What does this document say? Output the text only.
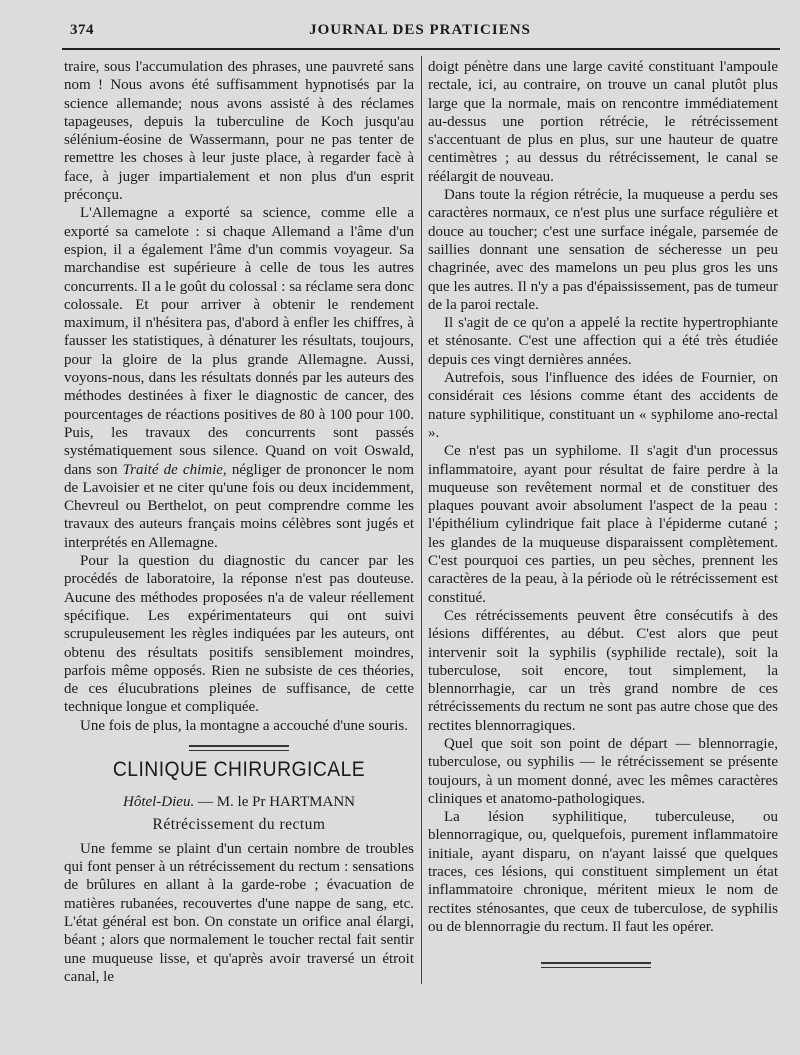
374	JOURNAL DES PRATICIENS

traire, sous l'accumulation des phrases, une pauvreté sans nom ! Nous avons été suffisamment hypnotisés par la science allemande; nous avons assisté à des réclames tapageuses, depuis la tuberculine de Koch jusqu'au sélénium-éosine de Wassermann, pour ne pas tenter de remettre les choses à leur juste place, à regarder facè à face, à juger impartialement et non plus d'un esprit préconçu.

L'Allemagne a exporté sa science, comme elle a exporté sa camelote : si chaque Allemand a l'âme d'un espion, il a également l'âme d'un commis voyageur. Sa marchandise est supérieure à celle de tous les autres concurrents. Il a le goût du colossal : sa réclame sera donc colossale. Et pour arriver à obtenir le rendement maximum, il n'hésitera pas, d'abord à enfler les chiffres, à fausser les statistiques, à dénaturer les résultats, toujours, pour la gloire de la plus grande Allemagne. Aussi, voyons-nous, dans les résultats donnés par les auteurs des méthodes destinées à fixer le diagnostic de cancer, des pourcentages de réactions positives de 80 à 100 pour 100. Puis, les travaux des concurrents sont passés systématiquement sous silence. Quand on voit Oswald, dans son Traité de chimie, négliger de prononcer le nom de Lavoisier et ne citer qu'une fois ou deux incidemment, Chevreul ou Berthelot, on peut comprendre comme les travaux des auteurs français moins célèbres sont jugés et interprétés en Allemagne.

Pour la question du diagnostic du cancer par les procédés de laboratoire, la réponse n'est pas douteuse. Aucune des méthodes proposées n'a de valeur réellement spécifique. Les expérimentateurs qui ont suivi scrupuleusement les règles indiquées par les auteurs, ont obtenu des résultats positifs sensiblement moindres, parfois même opposés. Rien ne subsiste de ces théories, de ces élucubrations pleines de suffisance, de cette technique longue et compliquée.

Une fois de plus, la montagne a accouché d'une souris.

CLINIQUE CHIRURGICALE
Hôtel-Dieu. — M. le Pr HARTMANN
Rétrécissement du rectum

Une femme se plaint d'un certain nombre de troubles qui font penser à un rétrécissement du rectum : sensations de brûlures en allant à la garde-robe ; évacuation de matières rubanées, recouvertes d'une nappe de sang, etc. L'état général est bon. On constate un orifice anal élargi, béant ; alors que normalement le toucher rectal fait sentir une muqueuse lisse, et qu'après avoir traversé un étroit canal, le

doigt pénètre dans une large cavité constituant l'ampoule rectale, ici, au contraire, on trouve un canal plutôt plus large que la normale, mais on rencontre immédiatement au-dessus une portion rétrécie, le rétrécissement s'accentuant de plus en plus, sur une hauteur de quatre centimètres ; au dessus du rétrécissement, le canal se réélargit de nouveau.

Dans toute la région rétrécie, la muqueuse a perdu ses caractères normaux, ce n'est plus une surface régulière et douce au toucher; c'est une surface inégale, parsemée de saillies donnant une sensation de sécheresse un peu chagrinée, avec des mamelons un peu plus gros les uns que les autres. Il n'y a pas d'épaississement, pas de tumeur de la paroi rectale.

Il s'agit de ce qu'on a appelé la rectite hypertrophiante et sténosante. C'est une affection qui a été très étudiée depuis ces vingt dernières années.

Autrefois, sous l'influence des idées de Fournier, on considérait ces lésions comme étant des accidents de nature syphilitique, constituant un « syphilome ano-rectal ».

Ce n'est pas un syphilome. Il s'agit d'un processus inflammatoire, ayant pour résultat de faire perdre à la muqueuse son revêtement normal et de constituer des plaques pouvant avoir absolument l'aspect de la peau : l'épithélium cylindrique fait place à l'épiderme cutané ; les glandes de la muqueuse disparaissent complètement. C'est pourquoi ces parties, un peu sèches, prennent les caractères de la peau, à la période où le rétrécissement est constitué.

Ces rétrécissements peuvent être consécutifs à des lésions différentes, au début. C'est alors que peut intervenir soit la syphilis (syphilide rectale), soit la tuberculose, soit encore, tout simplement, la blennorrhagie, car un très grand nombre de ces rétrécissements du rectum ne sont pas autre chose que des rectites blennorragiques.

Quel que soit son point de départ — blennorragie, tuberculose, ou syphilis — le rétrécissement se présente toujours, à un moment donné, avec les mêmes caractères cliniques et anatomo-pathologiques.

La lésion syphilitique, tuberculeuse, ou blennorragique, ou, quelquefois, purement inflammatoire initiale, ayant disparu, on n'ayant laissé que quelques traces, ces lésions, qui constituent simplement un état inflammatoire chronique, méritent mieux le nom de rectites sténosantes, que ceux de tuberculose, de syphilis ou de blennorragie du rectum. Il faut les opérer.
